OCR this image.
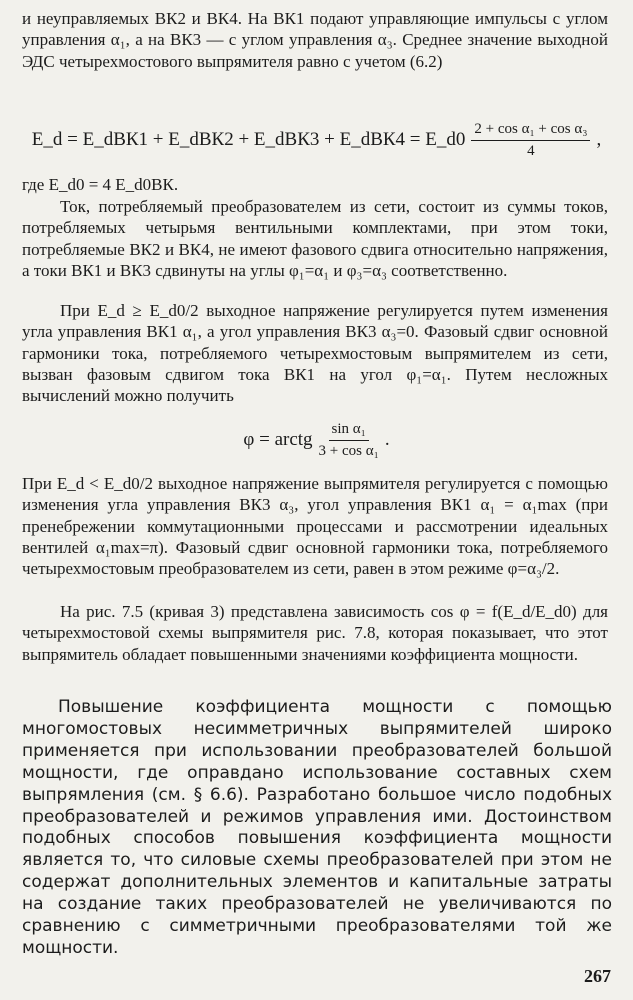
и неуправляемых ВК2 и ВК4. На ВК1 подают управляющие импульсы с углом управления α₁, а на ВК3 — с углом управления α₃. Среднее значение выходной ЭДС четырехмостового выпрямителя равно с учетом (6.2)

E_d = E_dВК1 + E_dВК2 + E_dВК3 + E_dВК4 = E_d0 $\frac{\text{2 + cos α₁ + cos α₃}}{4}$ ,

где E_d0 = 4 E_d0ВК.

Ток, потребляемый преобразователем из сети, состоит из суммы токов, потребляемых четырьмя вентильными комплектами, при этом токи, потребляемые ВК2 и ВК4, не имеют фазового сдвига относительно напряжения, а токи ВК1 и ВК3 сдвинуты на углы φ₁=α₁ и φ₃=α₃ соответственно.

При E_d ≥ E_d0/2 выходное напряжение регулируется путем изменения угла управления ВК1 α₁, а угол управления ВК3 α₃=0. Фазовый сдвиг основной гармоники тока, потребляемого четырехмостовым выпрямителем из сети, вызван фазовым сдвигом тока ВК1 на угол φ₁=α₁. Путем несложных вычислений можно получить

φ = arctg $\frac{\text{sin α₁}}{\text{3 + cos α₁}}$ .

При E_d < E_d0/2 выходное напряжение выпрямителя регулируется с помощью изменения угла управления ВК3 α₃, угол управления ВК1 α₁ = α₁max (при пренебрежении коммутационными процессами и рассмотрении идеальных вентилей α₁max=π). Фазовый сдвиг основной гармоники тока, потребляемого четырехмостовым преобразователем из сети, равен в этом режиме φ=α₃/2.

На рис. 7.5 (кривая 3) представлена зависимость cos φ = f(E_d/E_d0) для четырехмостовой схемы выпрямителя рис. 7.8, которая показывает, что этот выпрямитель обладает повышенными значениями коэффициента мощности.

Повышение коэффициента мощности с помощью многомостовых несимметричных выпрямителей широко применяется при использовании преобразователей большой мощности, где оправдано использование составных схем выпрямления (см. § 6.6). Разработано большое число подобных преобразователей и режимов управления ими. Достоинством подобных способов повышения коэффициента мощности является то, что силовые схемы преобразователей при этом не содержат дополнительных элементов и капитальные затраты на создание таких преобразователей не увеличиваются по сравнению с симметричными преобразователями той же мощности.

267
